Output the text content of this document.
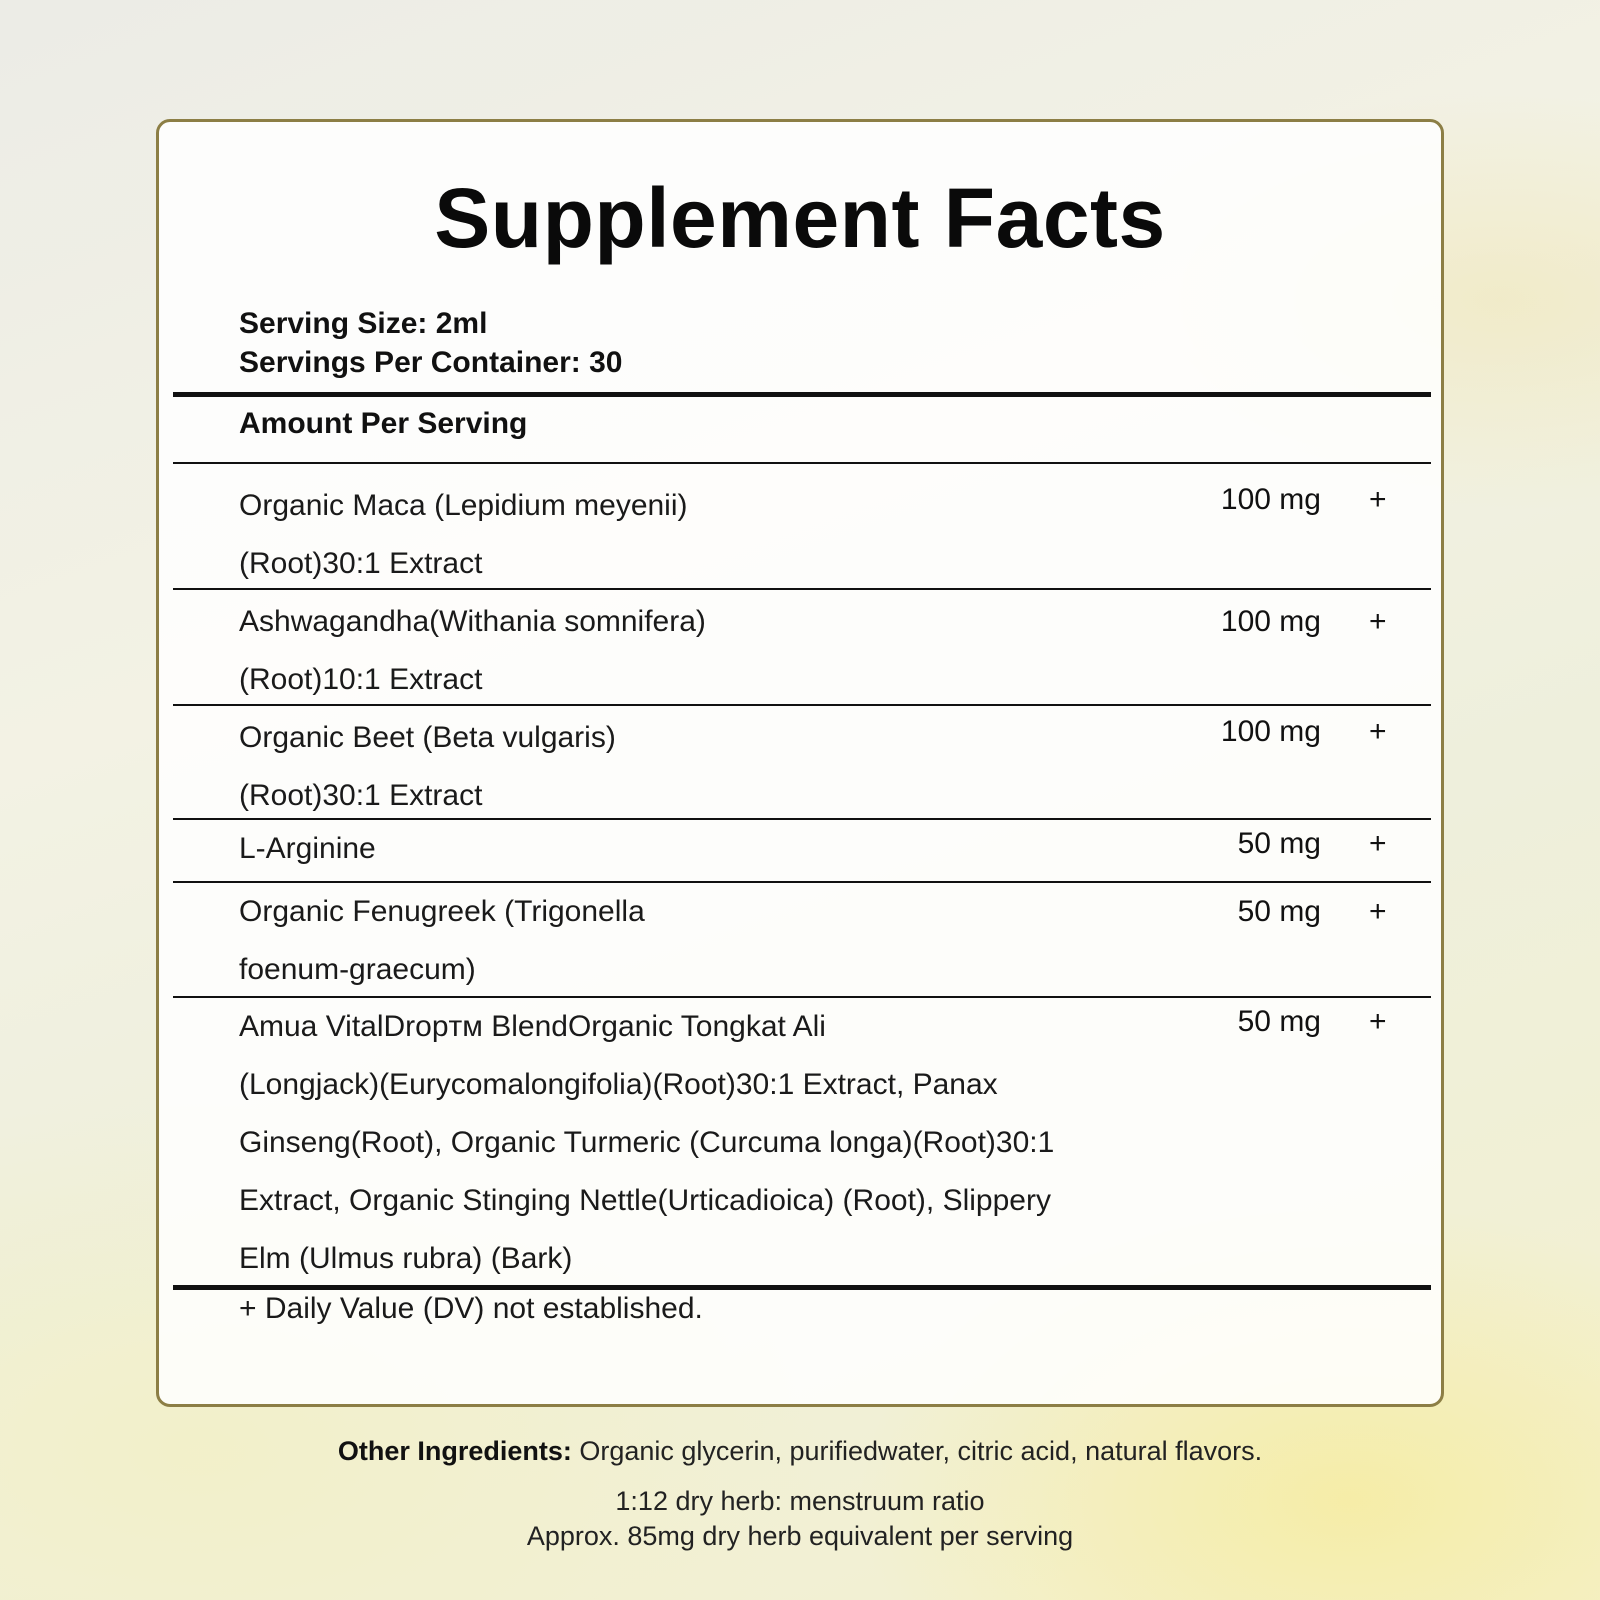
Supplement Facts
Serving Size: 2ml
Servings Per Container: 30
Amount Per Serving
Organic Maca (Lepidium meyenii)
(Root)30:1 Extract
100 mg +
Ashwagandha(Withania somnifera)
(Root)10:1 Extract
100 mg +
Organic Beet (Beta vulgaris)
(Root)30:1 Extract
100 mg +
L-Arginine	50 mg +
Organic Fenugreek (Trigonella
foenum-graecum)
50 mg +
Amua VitalDropᴛᴍ BlendOrganic Tongkat Ali
(Longjack)(Eurycomalongifolia)(Root)30:1 Extract, Panax
Ginseng(Root), Organic Turmeric (Curcuma longa)(Root)30:1
Extract, Organic Stinging Nettle(Urticadioica) (Root), Slippery
Elm (Ulmus rubra) (Bark)
50 mg +
+ Daily Value (DV) not established.
Other Ingredients: Organic glycerin, purifiedwater, citric acid, natural flavors.
1:12 dry herb: menstruum ratio
Approx. 85mg dry herb equivalent per serving
